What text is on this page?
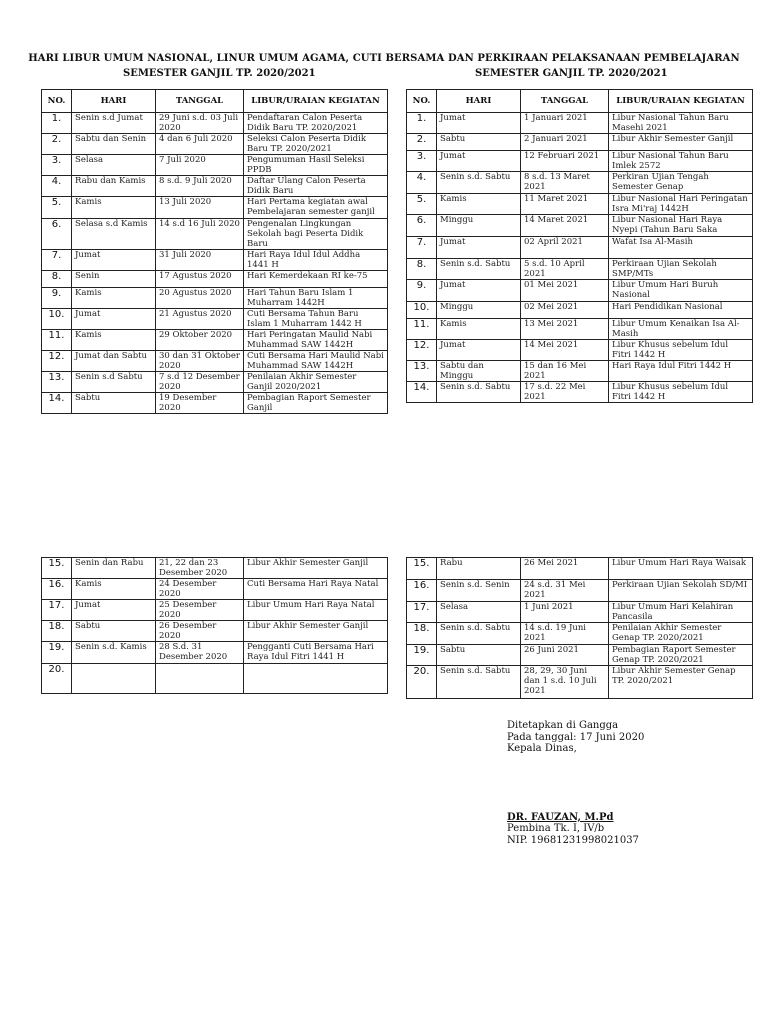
HARI LIBUR UMUM NASIONAL, LINUR UMUM AGAMA, CUTI BERSAMA DAN PERKIRAAN PELAKSANAAN PEMBELAJARAN
SEMESTER GANJIL TP. 2020/2021	SEMESTER GANJIL TP. 2020/2021
NO.	HARI	TANGGAL	LIBUR/URAIAN KEGIATAN
1.	Senin s.d Jumat	29 Juni s.d. 03 Juli 2020	Pendaftaran Calon Peserta Didik Baru TP. 2020/2021
2.	Sabtu dan Senin	4 dan 6 Juli 2020	Seleksi Calon Peserta Didik Baru TP. 2020/2021
3.	Selasa	7 Juli 2020	Pengumuman Hasil Seleksi PPDB
4.	Rabu dan Kamis	8 s.d. 9 Juli 2020	Daftar Ulang Calon Peserta Didik Baru
5.	Kamis	13 Juli 2020	Hari Pertama kegiatan awal Pembelajaran semester ganjil
6.	Selasa s.d Kamis	14 s.d 16 Juli 2020	Pengenalan Lingkungan Sekolah bagi Peserta Didik Baru
7.	Jumat	31 Juli 2020	Hari Raya Idul Idul Addha 1441 H
8.	Senin	17 Agustus 2020	Hari Kemerdekaan RI ke-75
9.	Kamis	20 Agustus 2020	Hari Tahun Baru Islam 1 Muharram 1442H
10.	Jumat	21 Agustus 2020	Cuti Bersama Tahun Baru Islam 1 Muharram 1442 H
11.	Kamis	29 Oktober 2020	Hari Peringatan Maulid Nabi Muhammad SAW 1442H
12.	Jumat dan Sabtu	30 dan 31 Oktober 2020	Cuti Bersama Hari Maulid Nabi Muhammad SAW 1442H
13.	Senin s.d Sabtu	7 s.d 12 Desember 2020	Penilaian Akhir Semester Ganjil 2020/2021
14.	Sabtu	19 Desember 2020	Pembagian Raport Semester Ganjil
NO.	HARI	TANGGAL	LIBUR/URAIAN KEGIATAN
1.	Jumat	1 Januari 2021	Libur Nasional Tahun Baru Masehi 2021
2.	Sabtu	2 Januari 2021	Libur Akhir Semester Ganjil
3.	Jumat	12 Februari 2021	Libur Nasional Tahun Baru Imlek 2572
4.	Senin s.d. Sabtu	8 s.d. 13 Maret 2021	Perkiran Ujian Tengah Semester Genap
5.	Kamis	11 Maret 2021	Libur Nasional Hari Peringatan Isra Mi'raj 1442H
6.	Minggu	14 Maret 2021	Libur Nasional Hari Raya Nyepi (Tahun Baru Saka
7.	Jumat	02 April 2021	Wafat Isa Al-Masih
8.	Senin s.d. Sabtu	5 s.d. 10 April 2021	Perkiraan Ujian Sekolah SMP/MTs
9.	Jumat	01 Mei 2021	Libur Umum Hari Buruh Nasional
10.	Minggu	02 Mei 2021	Hari Pendidikan Nasional
11.	Kamis	13 Mei 2021	Libur Umum Kenaikan Isa Al-Masih
12.	Jumat	14 Mei 2021	Libur Khusus sebelum Idul Fitri 1442 H
13.	Sabtu dan Minggu	15 dan 16 Mei 2021	Hari Raya Idul Fitri 1442 H
14.	Senin s.d. Sabtu	17 s.d. 22 Mei 2021	Libur Khusus sebelum Idul Fitri 1442 H
15.	Senin dan Rabu	21, 22 dan 23 Desember 2020	Libur Akhir Semester Ganjil
16.	Kamis	24 Desember 2020	Cuti Bersama Hari Raya Natal
17.	Jumat	25 Desember 2020	Libur Umum Hari Raya Natal
18.	Sabtu	26 Desember 2020	Libur Akhir Semester Ganjil
19.	Senin s.d. Kamis	28 S.d. 31 Desember 2020	Pengganti Cuti Bersama Hari Raya Idul Fitri 1441 H
20.			
15.	Rabu	26 Mei 2021	Libur Umum Hari Raya Waisak
16.	Senin s.d. Senin	24 s.d. 31 Mei 2021	Perkiraan Ujian Sekolah SD/MI
17.	Selasa	1 Juni 2021	Libur Umum Hari Kelahiran Pancasila
18.	Senin s.d. Sabtu	14 s.d. 19 Juni 2021	Penilaian Akhir Semester Genap TP. 2020/2021
19.	Sabtu	26 Juni 2021	Pembagian Raport Semester Genap TP. 2020/2021
20.	Senin s.d. Sabtu	28, 29, 30 Juni dan 1 s.d. 10 Juli 2021	Libur Akhir Semester Genap TP. 2020/2021
Ditetapkan di Gangga
Pada tanggal: 17 Juni 2020
Kepala Dinas,
DR. FAUZAN, M.Pd
Pembina Tk. I, IV/b
NIP. 19681231998021037
